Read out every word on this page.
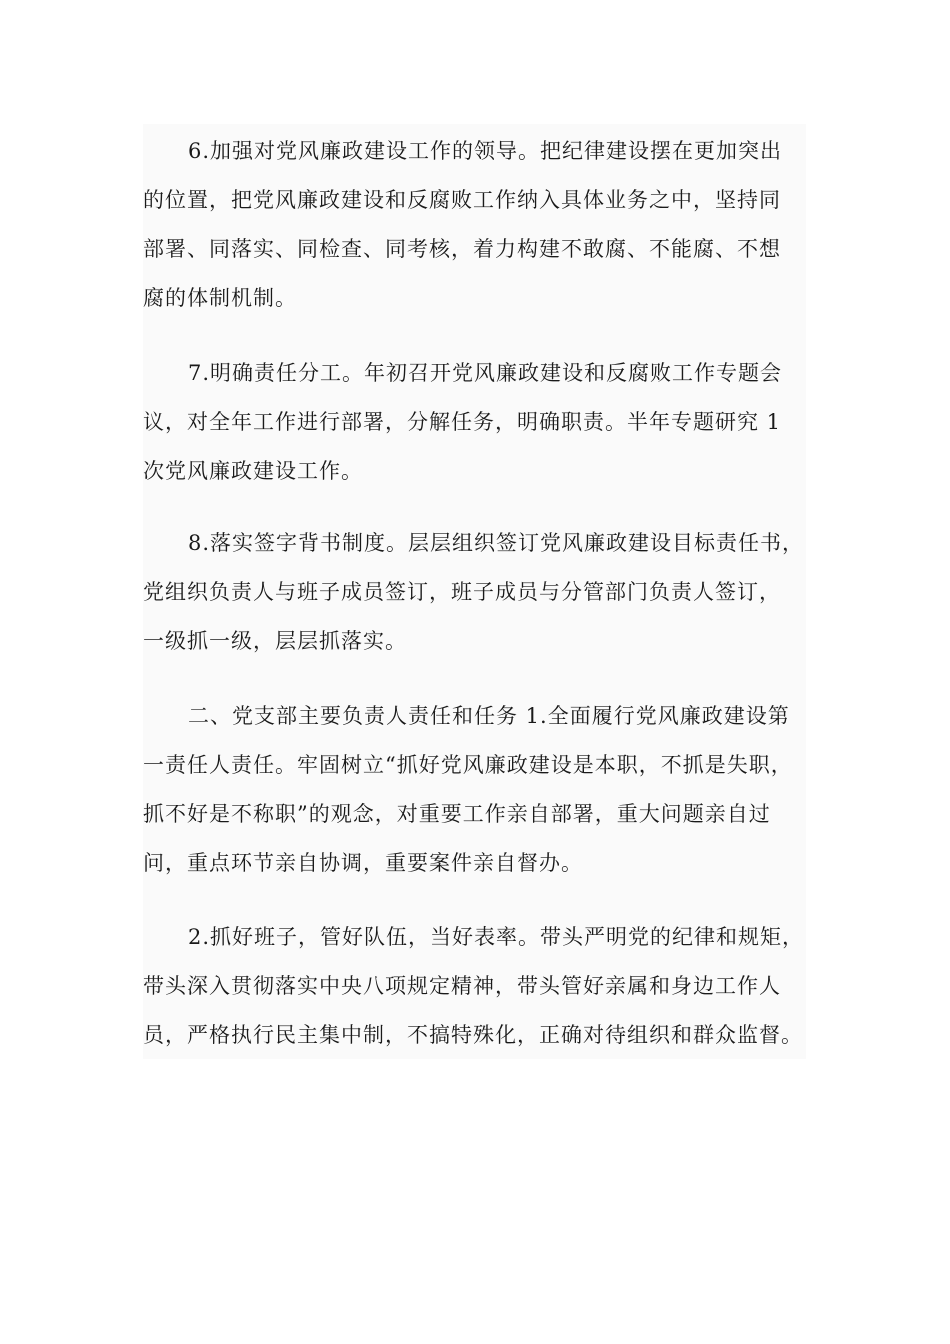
6.加强对党风廉政建设工作的领导。把纪律建设摆在更加突出
的位置，把党风廉政建设和反腐败工作纳入具体业务之中，坚持同
部署、同落实、同检查、同考核，着力构建不敢腐、不能腐、不想
腐的体制机制。
7.明确责任分工。年初召开党风廉政建设和反腐败工作专题会
议，对全年工作进行部署，分解任务，明确职责。半年专题研究 1
次党风廉政建设工作。
8.落实签字背书制度。层层组织签订党风廉政建设目标责任书，
党组织负责人与班子成员签订，班子成员与分管部门负责人签订，
一级抓一级，层层抓落实。
二、党支部主要负责人责任和任务 1.全面履行党风廉政建设第
一责任人责任。牢固树立“抓好党风廉政建设是本职，不抓是失职，
抓不好是不称职”的观念，对重要工作亲自部署，重大问题亲自过
问，重点环节亲自协调，重要案件亲自督办。
2.抓好班子，管好队伍，当好表率。带头严明党的纪律和规矩，
带头深入贯彻落实中央八项规定精神，带头管好亲属和身边工作人
员，严格执行民主集中制，不搞特殊化，正确对待组织和群众监督。
